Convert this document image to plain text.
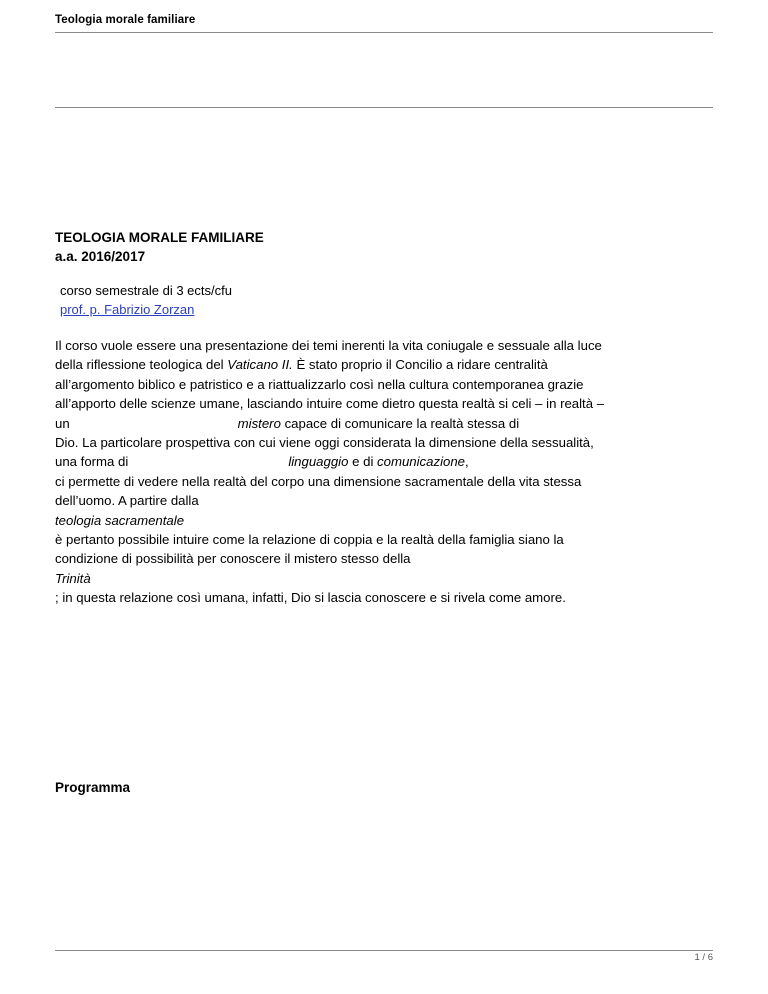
Teologia morale familiare
TEOLOGIA MORALE FAMILIARE
a.a. 2016/2017
corso semestrale di 3 ects/cfu
prof. p. Fabrizio Zorzan

Il corso vuole essere una presentazione dei temi inerenti la vita coniugale e sessuale alla luce

della riflessione teologica del Vaticano II. È stato proprio il Concilio a ridare centralità

all’argomento biblico e patristico e a riattualizzarlo così nella cultura contemporanea grazie

all’apporto delle scienze umane, lasciando intuire come dietro questa realtà si celi – in realtà –

un	mistero capace di comunicare la realtà stessa di

Dio. La particolare prospettiva con cui viene oggi considerata la dimensione della sessualità,

una forma di	linguaggio e di comunicazione,

ci permette di vedere nella realtà del corpo una dimensione sacramentale della vita stessa

dell’uomo. A partire dalla

teologia sacramentale

è pertanto possibile intuire come la relazione di coppia e la realtà della famiglia siano la

condizione di possibilità per conoscere il mistero stesso della

Trinità

; in questa relazione così umana, infatti, Dio si lascia conoscere e si rivela come amore.

Programma
1 / 6
